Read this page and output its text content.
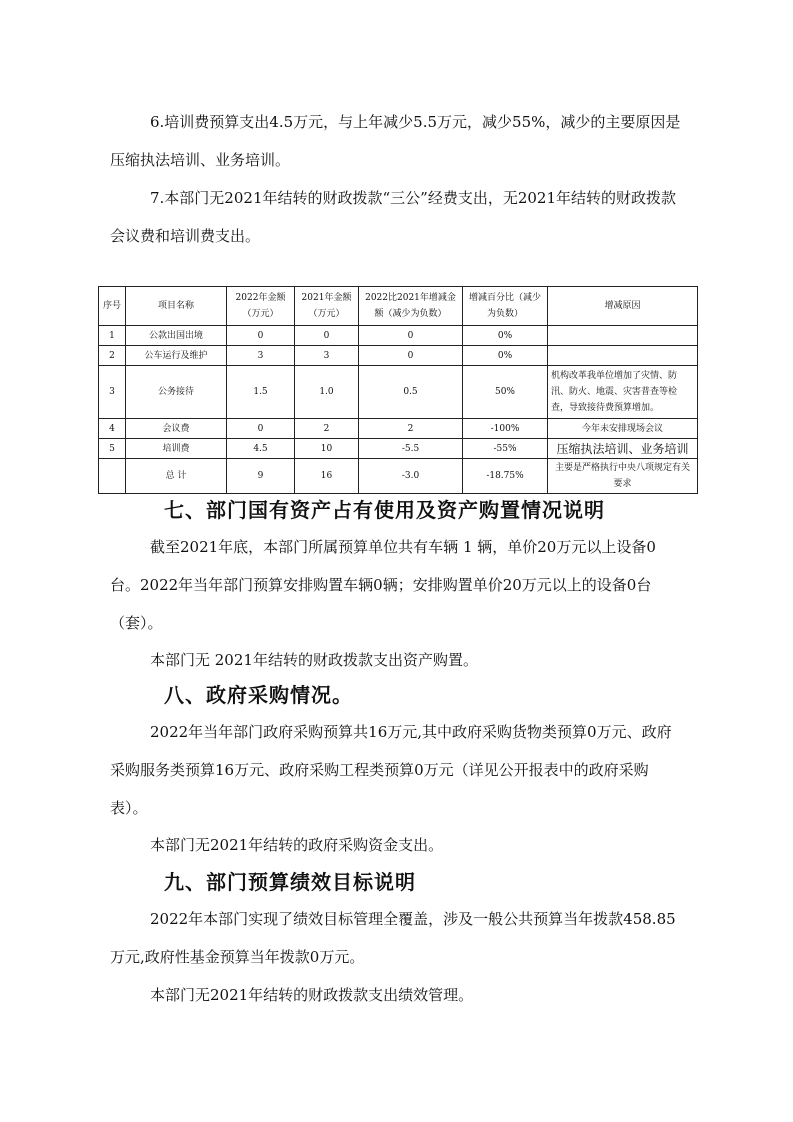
6.培训费预算支出4.5万元，与上年减少5.5万元，减少55%，减少的主要原因是压缩执法培训、业务培训。

7.本部门无2021年结转的财政拨款“三公”经费支出，无2021年结转的财政拨款会议费和培训费支出。

序号	项目名称	2022年金额（万元）	2021年金额（万元）	2022比2021年增减金额（减少为负数）	增减百分比（减少为负数）	增减原因
1	公款出国出境	0	0	0	0%	
2	公车运行及维护	3	3	0	0%	
3	公务接待	1.5	1.0	0.5	50%	机构改革我单位增加了灾情、防汛、防火、地震、灾害普查等检查，导致接待费预算增加。
4	会议费	0	2	2	-100%	今年未安排现场会议
5	培训费	4.5	10	-5.5	-55%	压缩执法培训、业务培训
	总 计	9	16	-3.0	-18.75%	主要是严格执行中央八项规定有关要求
七、部门国有资产占有使用及资产购置情况说明

截至2021年底，本部门所属预算单位共有车辆 1 辆，单价20万元以上设备0台。2022年当年部门预算安排购置车辆0辆；安排购置单价20万元以上的设备0台（套）。

本部门无 2021年结转的财政拨款支出资产购置。

八、政府采购情况。

2022年当年部门政府采购预算共16万元,其中政府采购货物类预算0万元、政府采购服务类预算16万元、政府采购工程类预算0万元（详见公开报表中的政府采购表）。

本部门无2021年结转的政府采购资金支出。

九、部门预算绩效目标说明

2022年本部门实现了绩效目标管理全覆盖，涉及一般公共预算当年拨款458.85万元,政府性基金预算当年拨款0万元。

本部门无2021年结转的财政拨款支出绩效管理。
